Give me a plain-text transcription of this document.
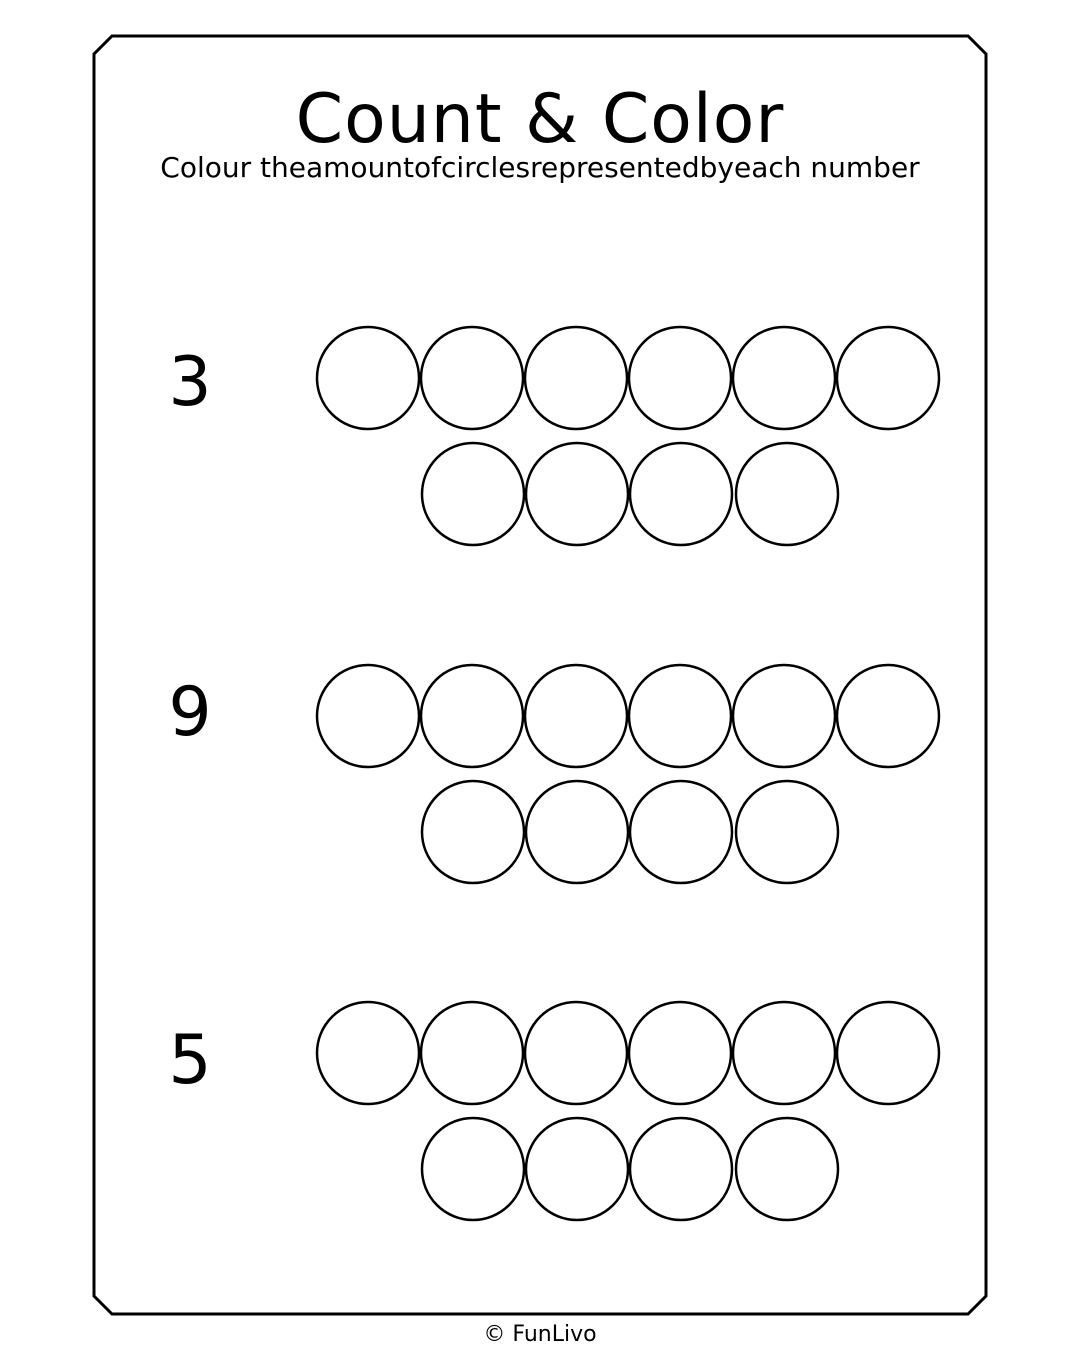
Count & Color
Colour theamountofcirclesrepresentedbyeach number
3
9
5
© FunLivo
